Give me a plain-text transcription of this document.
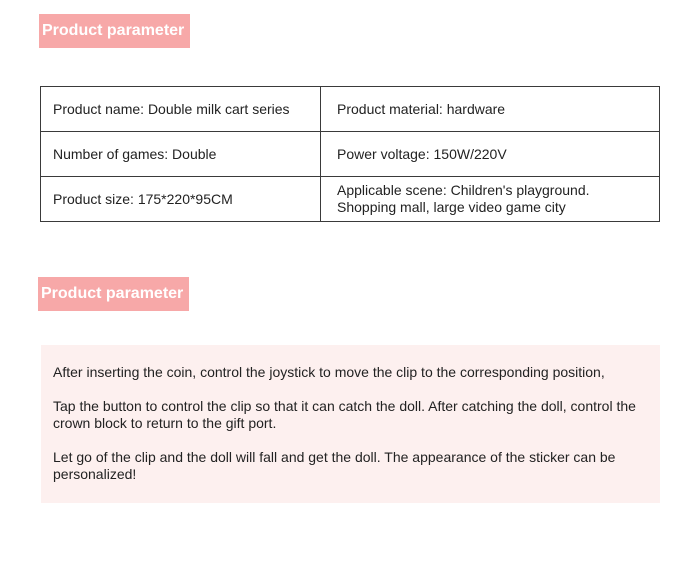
Product parameter
Product name: Double milk cart series	Product material: hardware
Number of games: Double	Power voltage: 150W/220V
Product size: 175*220*95CM	Applicable scene: Children's playground.
Shopping mall, large video game city
Product parameter

After inserting the coin, control the joystick to move the clip to the corresponding position,

Tap the button to control the clip so that it can catch the doll. After catching the doll, control the crown block to return to the gift port.

Let go of the clip and the doll will fall and get the doll. The appearance of the sticker can be personalized!
